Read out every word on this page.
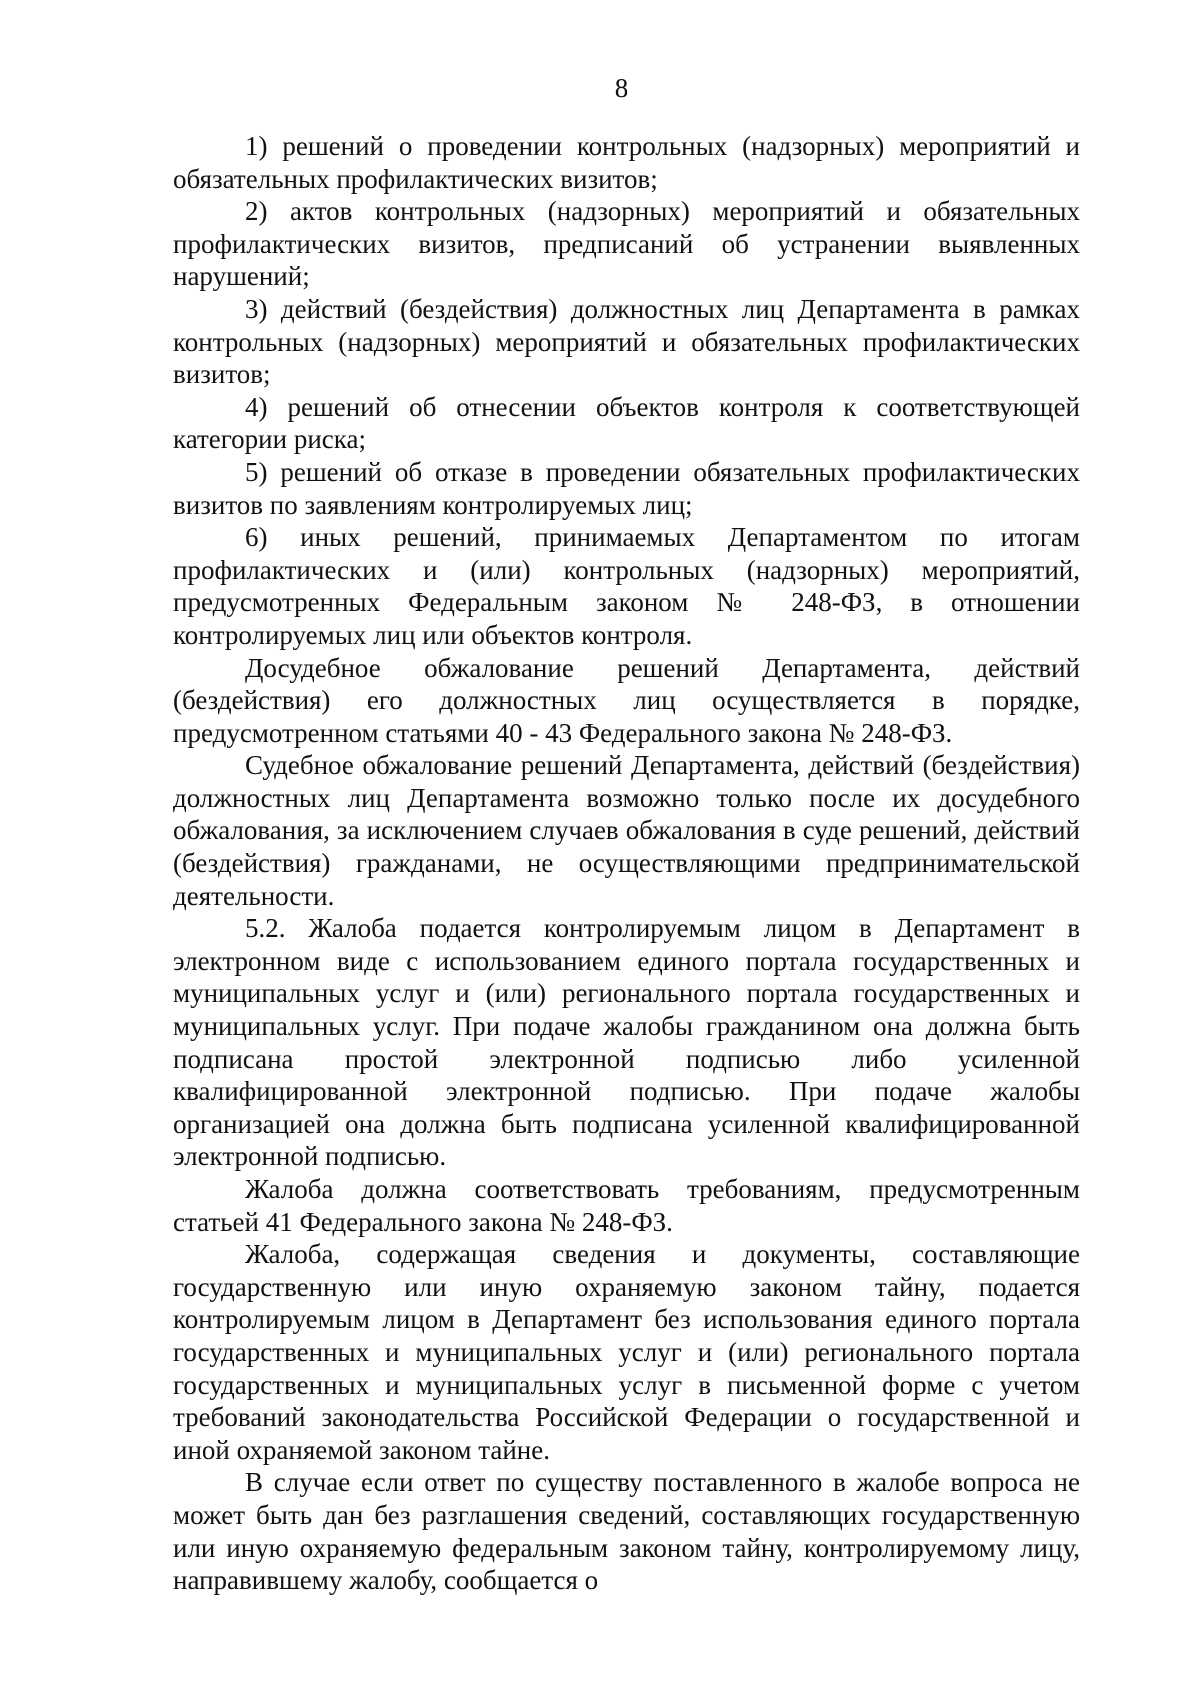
8

1) решений о проведении контрольных (надзорных) мероприятий и обязательных профилактических визитов;

2) актов контрольных (надзорных) мероприятий и обязательных профилактических визитов, предписаний об устранении выявленных нарушений;

3) действий (бездействия) должностных лиц Департамента в рамках контрольных (надзорных) мероприятий и обязательных профилактических визитов;

4) решений об отнесении объектов контроля к соответствующей категории риска;

5) решений об отказе в проведении обязательных профилактических визитов по заявлениям контролируемых лиц;

6) иных решений, принимаемых Департаментом по итогам профилактических и (или) контрольных (надзорных) мероприятий, предусмотренных Федеральным законом № 248-ФЗ, в отношении контролируемых лиц или объектов контроля.

Досудебное обжалование решений Департамента, действий (бездействия) его должностных лиц осуществляется в порядке, предусмотренном статьями 40 - 43 Федерального закона № 248-ФЗ.

Судебное обжалование решений Департамента, действий (бездействия) должностных лиц Департамента возможно только после их досудебного обжалования, за исключением случаев обжалования в суде решений, действий (бездействия) гражданами, не осуществляющими предпринимательской деятельности.

5.2. Жалоба подается контролируемым лицом в Департамент в электронном виде с использованием единого портала государственных и муниципальных услуг и (или) регионального портала государственных и муниципальных услуг. При подаче жалобы гражданином она должна быть подписана простой электронной подписью либо усиленной квалифицированной электронной подписью. При подаче жалобы организацией она должна быть подписана усиленной квалифицированной электронной подписью.

Жалоба должна соответствовать требованиям, предусмотренным статьей 41 Федерального закона № 248-ФЗ.

Жалоба, содержащая сведения и документы, составляющие государственную или иную охраняемую законом тайну, подается контролируемым лицом в Департамент без использования единого портала государственных и муниципальных услуг и (или) регионального портала государственных и муниципальных услуг в письменной форме с учетом требований законодательства Российской Федерации о государственной и иной охраняемой законом тайне.

В случае если ответ по существу поставленного в жалобе вопроса не может быть дан без разглашения сведений, составляющих государственную или иную охраняемую федеральным законом тайну, контролируемому лицу, направившему жалобу, сообщается о
